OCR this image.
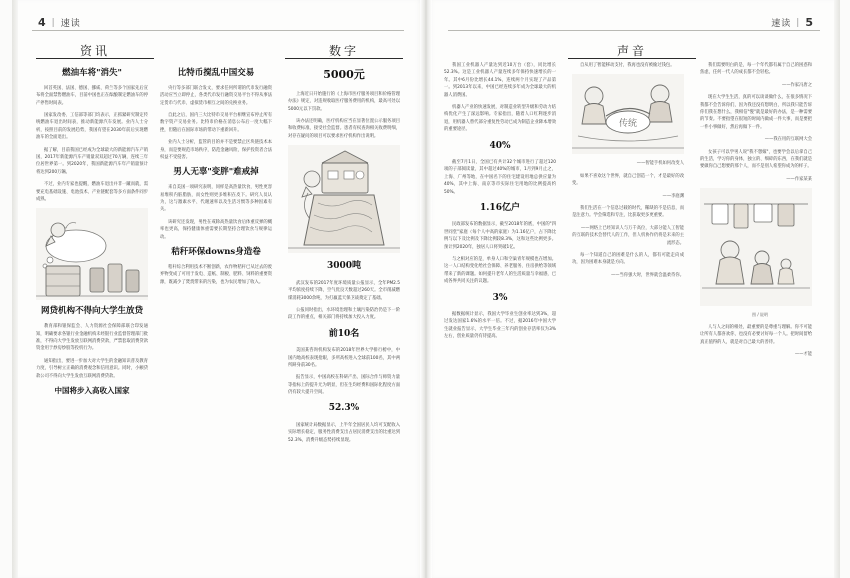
4 | 速读	速读 | 5
资讯	数字	声音
燃油车将"消失"

回首英国、法国、德国、挪威、荷兰等多个国家先后宣布将全面禁售燃油车，目前中国也正在酝酿制定燃油车的停产停售时间表。

国家发改委、工信部等部门均表示，正抓紧研究制定传统燃油车退出时间表，推动新能源汽车发展。业内人士分析，按照目前的发展趋势，我国有望在2030年前后实现燃油车的全面退出。

据了解，目前我国已经成为全球最大的新能源汽车产销国，2017年新能源汽车产销量双双超过70万辆，连续三年位居世界第一。到2020年，我国新能源汽车年产销量预计将达到200万辆。

不过，业内专家也提醒，燃油车退出并非一蹴而就，需要充电基础设施、电池技术、产业链配套等多方面条件同步成熟。

网贷机构不得向大学生放贷

教育部和银保监会、人力资源社会保障部联合印发通知，明确要求各银行业金融机构未经银行业监督管理部门批准，不得向大学生发放互联网消费贷款，严禁套取消费贷款资金用于炒房炒股等投机行为。

通知指出，要进一步加大对大学生的金融知识普及教育力度，引导树立正确的消费观念和信用意识。同时，小额贷款公司不得向大学生发放互联网消费贷款。

中国将步入高收入国家
比特币搅乱中国交易

央行等多部门联合发文，要求任何所谓的代币发行融资活动应当立即停止，各类代币发行融资交易平台不得从事法定货币与代币、虚拟货币相互之间的兑换业务。

自此之后，国内三大比特币交易平台相继宣布停止所有数字资产交易业务。比特币价格在消息公布后一度大幅下挫，但随后在国际市场的带动下重新回升。

业内人士分析，监管的目的并不是要禁止区块链技术本身，而是要规范市场秩序，防范金融风险，保护投资者合法权益不受侵害。

男人无辜"变胖"难戒掉

来自美国一项研究表明，同样是高热量饮食，男性更容易堆积内脏脂肪，而女性则更多堆积在皮下。研究人员认为，这与激素水平、代谢速率以及生活习惯等多种因素有关。

该研究还发现，男性在戒除高热量饮食后体重反弹的概率也更高，保持健康体重需要长期坚持合理饮食与规律运动。

秸秆环保downs身造卷

秸秆综合利用技术不断创新，农作物秸秆已从过去的废弃物变成了可用于发电、造纸、制板、肥料、饲料的重要资源，既减少了焚烧带来的污染，也为农民增加了收入。

5000元

上海近日开始施行的《上海市医疗服务项目和价格管理办法》规定，对违规收取医疗服务费用的机构，最高可处以5000元以下罚款。

该办法还明确，医疗机构应当在显著位置公示服务项目和收费标准，接受社会监督。患者有权查询相关收费明细，对存在疑问的项目可以要求医疗机构作出说明。

3000吨

武汉发布的2017年度环境质量公报显示，全年PM2.5平均浓度持续下降，空气优良天数超过260天。全市削减燃煤消耗3000余吨，为打赢蓝天保卫战奠定了基础。

公报同时指出，水环境治理和土壤污染防治仍是下一阶段工作的重点，相关部门将持续加大投入力度。

前10名

美国某咨询机构发布的2018年世界大学排行榜中，中国内地高校表现抢眼，多所高校进入全球前100名，其中两所跻身前30名。

报告显示，中国高校在科研产出、国际合作与师资力量等指标上的提升尤为明显，但在生均经费和国际化程度方面仍有较大提升空间。

52.3%

国家统计局数据显示，上半年全国居民人均可支配收入实际增长稳定，服务性消费支出占居民消费支出的比重达到52.3%，消费升级态势持续显现。

我国工业机器人产量达到近10万台（套），同比增长52.3%。这是工业机器人产量连续多年保持快速增长的一年。其中6月份比增长44.1%，连续两个月实现了产品第一。到2013年以来，中国已经连续多年成为全球最大的机器人消费国。

机器人产业的快速发展，对制造业转型升级和劳动力结构优化产生了深远影响。专家指出，随着人口红利逐步消退，用机器人替代部分重复性劳动已成为制造企业降本增效的重要途径。

40%

截至7月1日，全国已有共计32个城市进行了超过120项的子部阅读量，其中超过40%的城市，1月到9月止之，上海、广州等地，在中国名下的住宅建设用地总供应量为40%，其中上海、南京等市实际住宅用地的比例提高约50%。

1.16亿户

民政部发布的数据显示，截至2018年的底，中国的"四世同堂"家庭（每个人中高的家庭）为1.16亿户，占下降比例与以下及比例及下降比例较8.3%，这和这些比例更多。预计到2020年，独居人口将突破1亿。

与之相对应的是，单身人口和空巢青年规模也在增加。这一人口结构变化给社会保障、养老服务、住房供给等领域带来了新的课题。如何提升老年人的生活质量与幸福感，已成各界共同关注的议题。

3%

据数据统计显示，我国大学毕业生创业率达到3%，超过发达国家1.6%的水平一倍。不过，据2016年中国大学生就业报告显示，大学生毕业三年内的创业存活率仅为3%左右，创业质量仍有待提高。

自从用了智能移动支付，我再也没有被偷过钱包。

传统

——智能手机如何改变人

如果不喜欢这个世界，就自己创造一个，才是最好的改变。

——李庭渊

我们生活在一个信息过载的时代，稀缺的不是信息，而是注意力。学会筛选和专注，比获取更多更重要。

——网络上已经知识人与万千高位，大部分能人工智能的互联的技术会替代人的工作，但人机协作仍将是未来的主流形态。

每一个知道自己的困难是什么的人，都有可能走向成功，因为困难本身就是方向。

——当你强大时，世界就会温柔待你。

我们需要明白的是，每一个年代都有属于自己的困惑和焦虑，任何一代人的成长都不会轻松。

——作家冯唐之

现在大学生生活，真的可以谈谈做什么，在很多情况下我都不会告诉你们，因为我还没有想明白，所以我只能告诉你们我在想什么，我相信"慢"就是最好的办法，是一种需要的节奏。不要指望在很短的时间内做成一件大事，而是要把一件小事做好，然后再做下一件。

——我在用的互联网大会

女孩子可以学男人说"我不想嫁"，也要学会以后拿自己的生活，学习你的身体，独立的、细碎的东西，在我们就是要做你自己想要的那个人，而不是别人希望你成为的样子。

——作家某某

图 / 说明

人与人之间的相处，最重要的是尊重与理解。你不可能让所有人都喜欢你，也没有必要讨好每一个人。把时间留给真正值得的人，就是对自己最大的善待。

——才能
